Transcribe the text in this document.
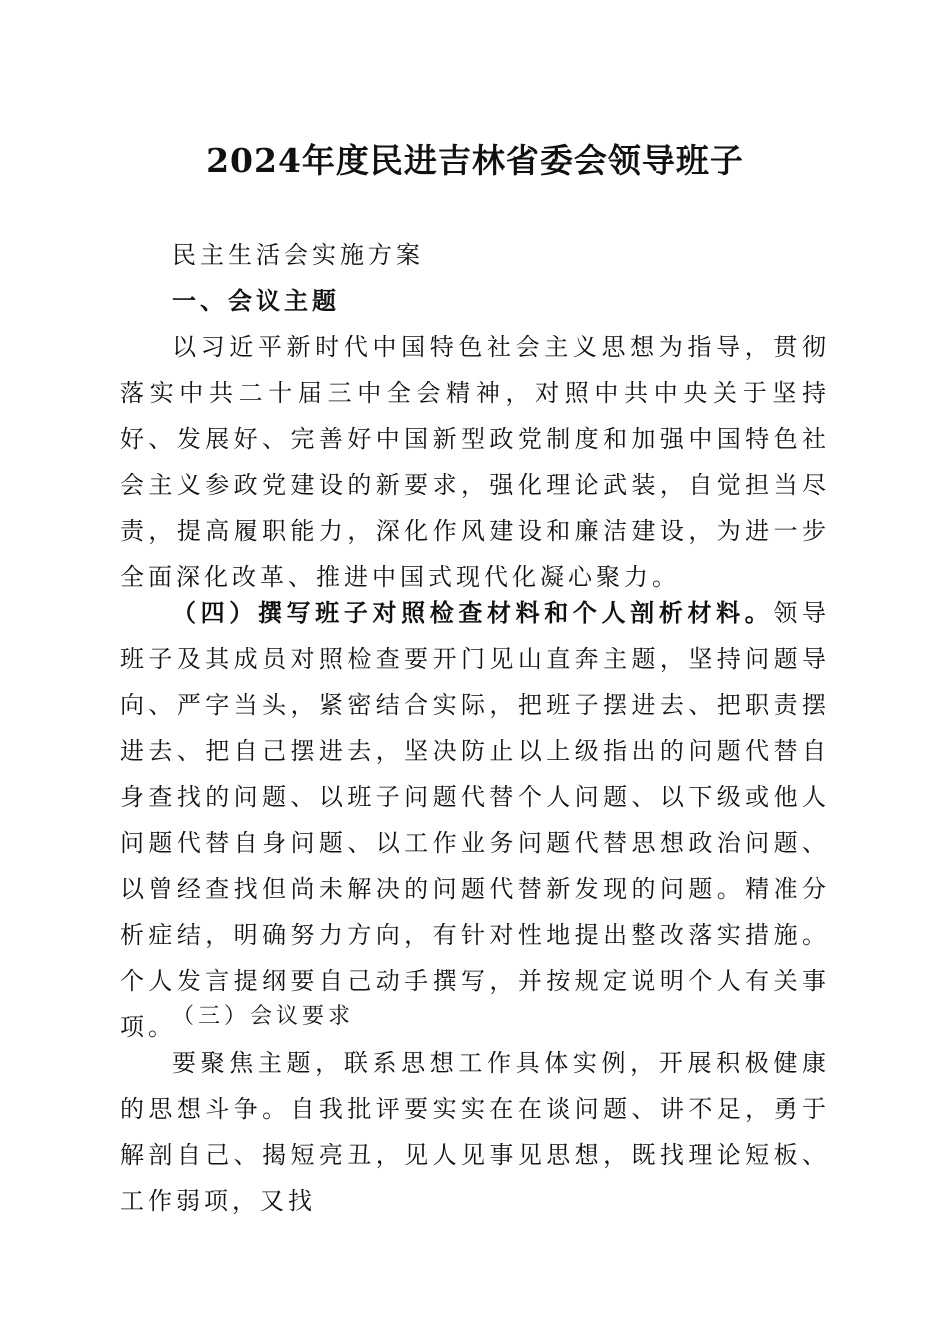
2024年度民进吉林省委会领导班子

民主生活会实施方案

一、会议主题

以习近平新时代中国特色社会主义思想为指导，贯彻落实中共二十届三中全会精神，对照中共中央关于坚持好、发展好、完善好中国新型政党制度和加强中国特色社会主义参政党建设的新要求，强化理论武装，自觉担当尽责，提高履职能力，深化作风建设和廉洁建设，为进一步全面深化改革、推进中国式现代化凝心聚力。

（四）撰写班子对照检查材料和个人剖析材料。领导班子及其成员对照检查要开门见山直奔主题，坚持问题导向、严字当头，紧密结合实际，把班子摆进去、把职责摆进去、把自己摆进去，坚决防止以上级指出的问题代替自身查找的问题、以班子问题代替个人问题、以下级或他人问题代替自身问题、以工作业务问题代替思想政治问题、以曾经查找但尚未解决的问题代替新发现的问题。精准分析症结，明确努力方向，有针对性地提出整改落实措施。个人发言提纲要自己动手撰写，并按规定说明个人有关事项。

（三）会议要求

要聚焦主题，联系思想工作具体实例，开展积极健康的思想斗争。自我批评要实实在在谈问题、讲不足，勇于解剖自己、揭短亮丑，见人见事见思想，既找理论短板、工作弱项，又找
